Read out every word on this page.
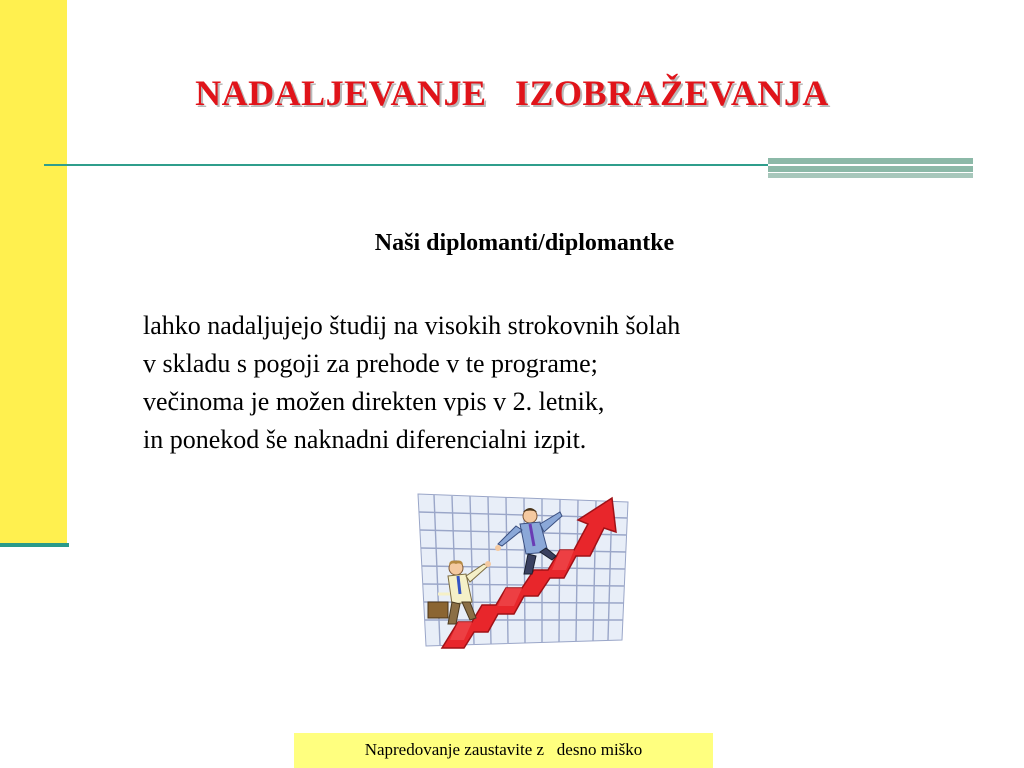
NADALJEVANJE   IZOBRAŽEVANJA
Naši diplomanti/diplomantke
lahko nadaljujejo študij na visokih strokovnih šolah
v skladu s pogoji za prehode v te programe;
večinoma je možen direkten vpis v 2. letnik,
in ponekod še naknadni diferencialni izpit.
Napredovanje zaustavite z   desno miško
